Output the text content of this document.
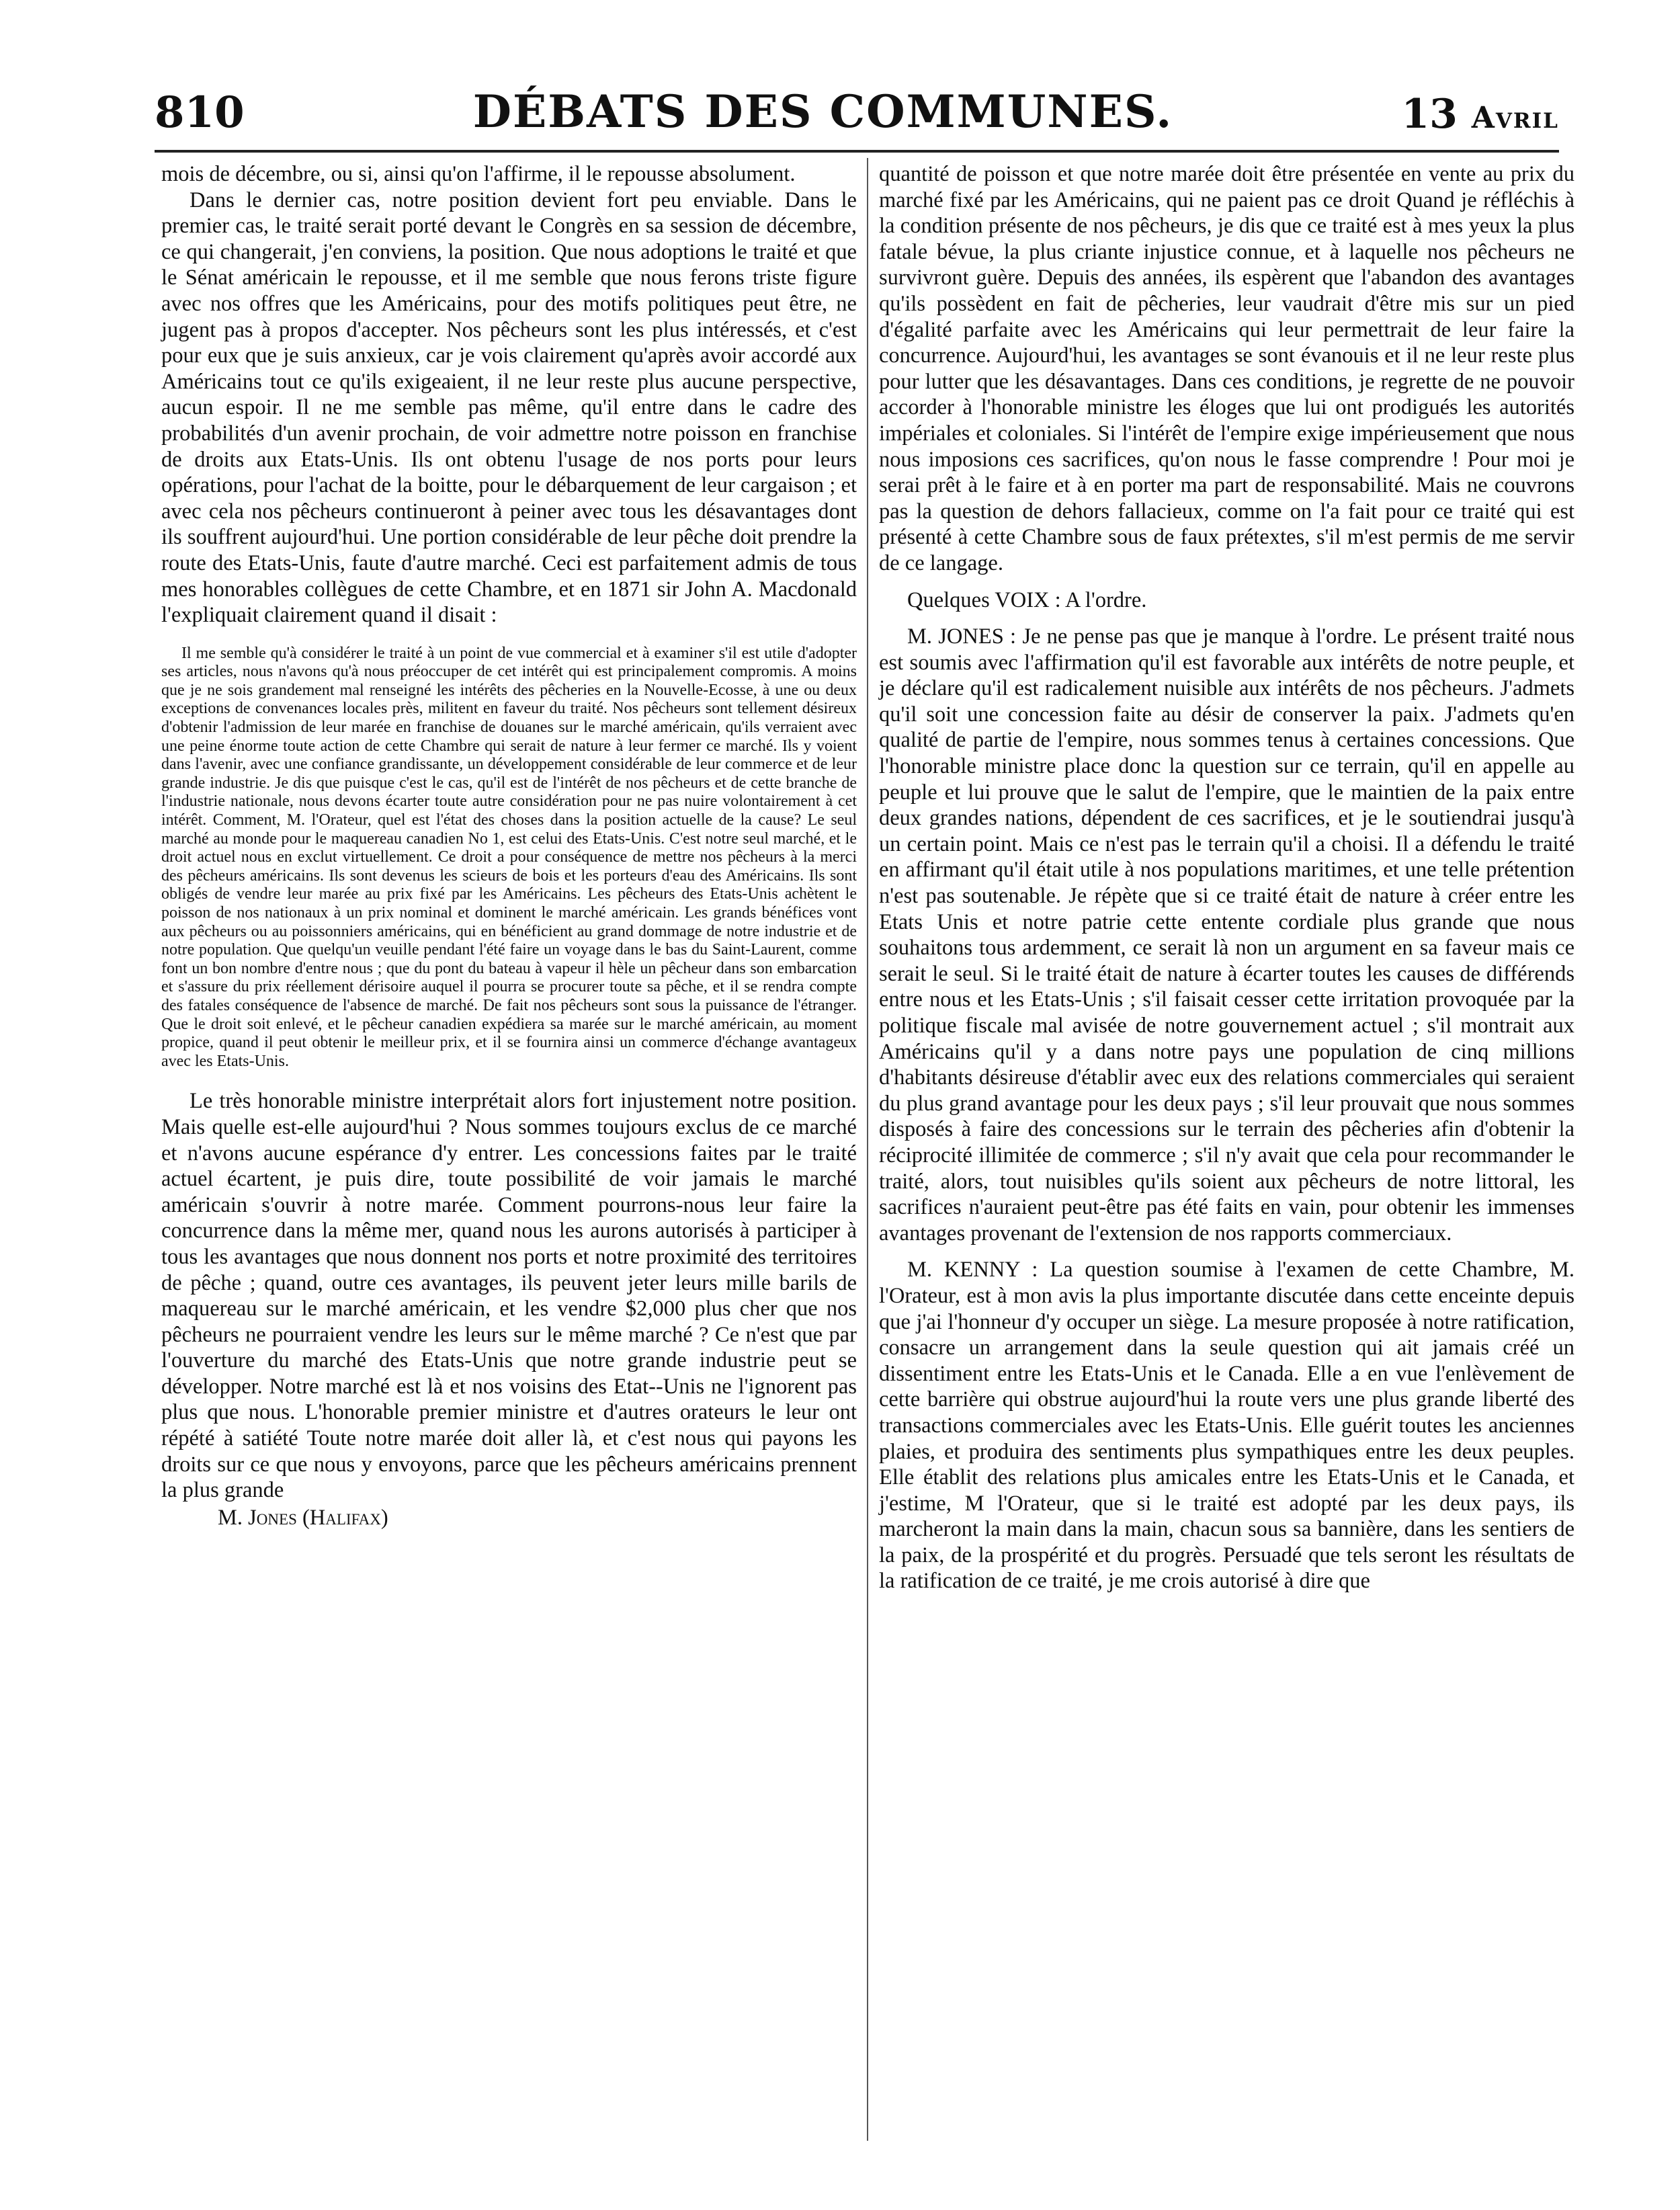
810	DÉBATS DES COMMUNES.	13 Avril

mois de décembre, ou si, ainsi qu'on l'affirme, il le repousse absolument.

Dans le dernier cas, notre position devient fort peu enviable. Dans le premier cas, le traité serait porté devant le Congrès en sa session de décembre, ce qui changerait, j'en conviens, la position. Que nous adoptions le traité et que le Sénat américain le repousse, et il me semble que nous ferons triste figure avec nos offres que les Américains, pour des motifs politiques peut être, ne jugent pas à propos d'accepter. Nos pêcheurs sont les plus intéressés, et c'est pour eux que je suis anxieux, car je vois clairement qu'après avoir accordé aux Américains tout ce qu'ils exigeaient, il ne leur reste plus aucune perspective, aucun espoir. Il ne me semble pas même, qu'il entre dans le cadre des probabilités d'un avenir prochain, de voir admettre notre poisson en franchise de droits aux Etats-Unis. Ils ont obtenu l'usage de nos ports pour leurs opérations, pour l'achat de la boitte, pour le débarquement de leur cargaison ; et avec cela nos pêcheurs continueront à peiner avec tous les désavantages dont ils souffrent aujourd'hui. Une portion considérable de leur pêche doit prendre la route des Etats-Unis, faute d'autre marché. Ceci est parfaitement admis de tous mes honorables collègues de cette Chambre, et en 1871 sir John A. Macdonald l'expliquait clairement quand il disait :

Il me semble qu'à considérer le traité à un point de vue commercial et à examiner s'il est utile d'adopter ses articles, nous n'avons qu'à nous préoccuper de cet intérêt qui est principalement compromis. A moins que je ne sois grandement mal renseigné les intérêts des pêcheries en la Nouvelle-Ecosse, à une ou deux exceptions de convenances locales près, militent en faveur du traité. Nos pêcheurs sont tellement désireux d'obtenir l'admission de leur marée en franchise de douanes sur le marché américain, qu'ils verraient avec une peine énorme toute action de cette Chambre qui serait de nature à leur fermer ce marché. Ils y voient dans l'avenir, avec une confiance grandissante, un développement considérable de leur commerce et de leur grande industrie. Je dis que puisque c'est le cas, qu'il est de l'intérêt de nos pêcheurs et de cette branche de l'industrie nationale, nous devons écarter toute autre considération pour ne pas nuire volontairement à cet intérêt. Comment, M. l'Orateur, quel est l'état des choses dans la position actuelle de la cause? Le seul marché au monde pour le maquereau canadien No 1, est celui des Etats-Unis. C'est notre seul marché, et le droit actuel nous en exclut virtuellement. Ce droit a pour conséquence de mettre nos pêcheurs à la merci des pêcheurs américains. Ils sont devenus les scieurs de bois et les porteurs d'eau des Américains. Ils sont obligés de vendre leur marée au prix fixé par les Américains. Les pêcheurs des Etats-Unis achètent le poisson de nos nationaux à un prix nominal et dominent le marché américain. Les grands bénéfices vont aux pêcheurs ou au poissonniers américains, qui en bénéficient au grand dommage de notre industrie et de notre population. Que quelqu'un veuille pendant l'été faire un voyage dans le bas du Saint-Laurent, comme font un bon nombre d'entre nous ; que du pont du bateau à vapeur il hèle un pêcheur dans son embarcation et s'assure du prix réellement dérisoire auquel il pourra se procurer toute sa pêche, et il se rendra compte des fatales conséquence de l'absence de marché. De fait nos pêcheurs sont sous la puissance de l'étranger. Que le droit soit enlevé, et le pêcheur canadien expédiera sa marée sur le marché américain, au moment propice, quand il peut obtenir le meilleur prix, et il se fournira ainsi un commerce d'échange avantageux avec les Etats-Unis.

Le très honorable ministre interprétait alors fort injustement notre position. Mais quelle est-elle aujourd'hui ? Nous sommes toujours exclus de ce marché et n'avons aucune espérance d'y entrer. Les concessions faites par le traité actuel écartent, je puis dire, toute possibilité de voir jamais le marché américain s'ouvrir à notre marée. Comment pourrons-nous leur faire la concurrence dans la même mer, quand nous les aurons autorisés à participer à tous les avantages que nous donnent nos ports et notre proximité des territoires de pêche ; quand, outre ces avantages, ils peuvent jeter leurs mille barils de maquereau sur le marché américain, et les vendre $2,000 plus cher que nos pêcheurs ne pourraient vendre les leurs sur le même marché ? Ce n'est que par l'ouverture du marché des Etats-Unis que notre grande industrie peut se développer. Notre marché est là et nos voisins des Etat--Unis ne l'ignorent pas plus que nous. L'honorable premier ministre et d'autres orateurs le leur ont répété à satiété Toute notre marée doit aller là, et c'est nous qui payons les droits sur ce que nous y envoyons, parce que les pêcheurs américains prennent la plus grande

M. Jones (Halifax)

quantité de poisson et que notre marée doit être présentée en vente au prix du marché fixé par les Américains, qui ne paient pas ce droit Quand je réfléchis à la condition présente de nos pêcheurs, je dis que ce traité est à mes yeux la plus fatale bévue, la plus criante injustice connue, et à laquelle nos pêcheurs ne survivront guère. Depuis des années, ils espèrent que l'abandon des avantages qu'ils possèdent en fait de pêcheries, leur vaudrait d'être mis sur un pied d'égalité parfaite avec les Américains qui leur permettrait de leur faire la concurrence. Aujourd'hui, les avantages se sont évanouis et il ne leur reste plus pour lutter que les désavantages. Dans ces conditions, je regrette de ne pouvoir accorder à l'honorable ministre les éloges que lui ont prodigués les autorités impériales et coloniales. Si l'intérêt de l'empire exige impérieusement que nous nous imposions ces sacrifices, qu'on nous le fasse comprendre ! Pour moi je serai prêt à le faire et à en porter ma part de responsabilité. Mais ne couvrons pas la question de dehors fallacieux, comme on l'a fait pour ce traité qui est présenté à cette Chambre sous de faux prétextes, s'il m'est permis de me servir de ce langage.

Quelques VOIX : A l'ordre.

M. JONES : Je ne pense pas que je manque à l'ordre. Le présent traité nous est soumis avec l'affirmation qu'il est favorable aux intérêts de notre peuple, et je déclare qu'il est radicalement nuisible aux intérêts de nos pêcheurs. J'admets qu'il soit une concession faite au désir de conserver la paix. J'admets qu'en qualité de partie de l'empire, nous sommes tenus à certaines concessions. Que l'honorable ministre place donc la question sur ce terrain, qu'il en appelle au peuple et lui prouve que le salut de l'empire, que le maintien de la paix entre deux grandes nations, dépendent de ces sacrifices, et je le soutiendrai jusqu'à un certain point. Mais ce n'est pas le terrain qu'il a choisi. Il a défendu le traité en affirmant qu'il était utile à nos populations maritimes, et une telle prétention n'est pas soutenable. Je répète que si ce traité était de nature à créer entre les Etats Unis et notre patrie cette entente cordiale plus grande que nous souhaitons tous ardemment, ce serait là non un argument en sa faveur mais ce serait le seul. Si le traité était de nature à écarter toutes les causes de différends entre nous et les Etats-Unis ; s'il faisait cesser cette irritation provoquée par la politique fiscale mal avisée de notre gouvernement actuel ; s'il montrait aux Américains qu'il y a dans notre pays une population de cinq millions d'habitants désireuse d'établir avec eux des relations commerciales qui seraient du plus grand avantage pour les deux pays ; s'il leur prouvait que nous sommes disposés à faire des concessions sur le terrain des pêcheries afin d'obtenir la réciprocité illimitée de commerce ; s'il n'y avait que cela pour recommander le traité, alors, tout nuisibles qu'ils soient aux pêcheurs de notre littoral, les sacrifices n'auraient peut-être pas été faits en vain, pour obtenir les immenses avantages provenant de l'extension de nos rapports commerciaux.

M. KENNY : La question soumise à l'examen de cette Chambre, M. l'Orateur, est à mon avis la plus importante discutée dans cette enceinte depuis que j'ai l'honneur d'y occuper un siège. La mesure proposée à notre ratification, consacre un arrangement dans la seule question qui ait jamais créé un dissentiment entre les Etats-Unis et le Canada. Elle a en vue l'enlèvement de cette barrière qui obstrue aujourd'hui la route vers une plus grande liberté des transactions commerciales avec les Etats-Unis. Elle guérit toutes les anciennes plaies, et produira des sentiments plus sympathiques entre les deux peuples. Elle établit des relations plus amicales entre les Etats-Unis et le Canada, et j'estime, M l'Orateur, que si le traité est adopté par les deux pays, ils marcheront la main dans la main, chacun sous sa bannière, dans les sentiers de la paix, de la prospérité et du progrès. Persuadé que tels seront les résultats de la ratification de ce traité, je me crois autorisé à dire que
